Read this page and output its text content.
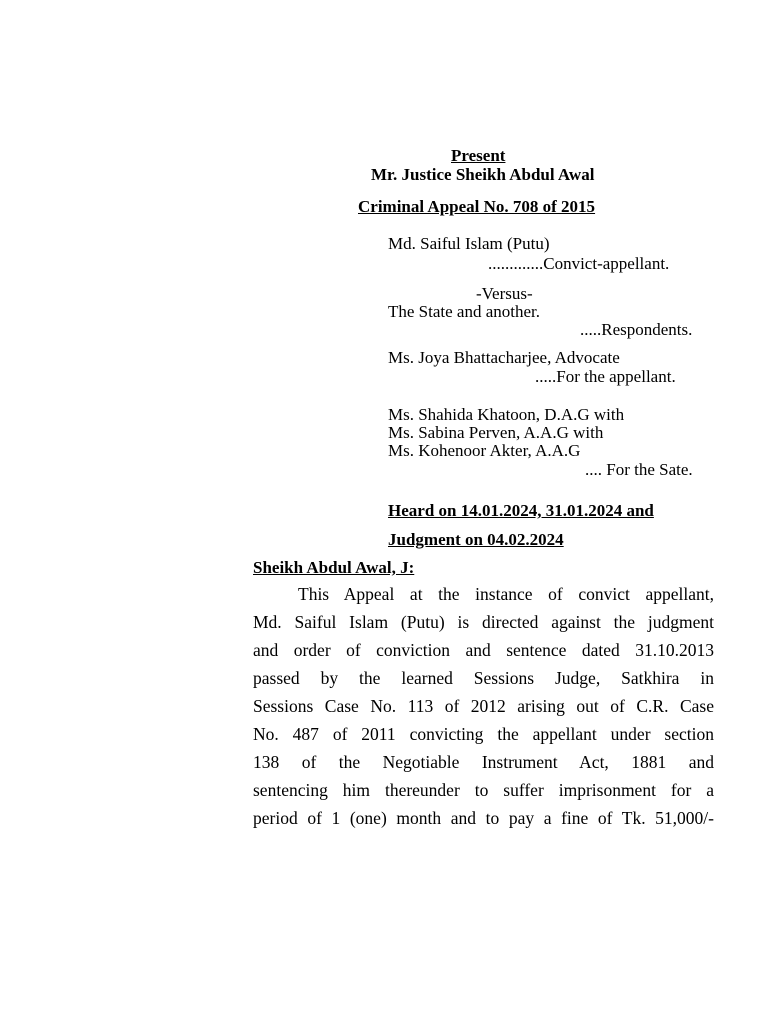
Present
Mr. Justice Sheikh Abdul Awal
Criminal Appeal No. 708 of 2015
Md. Saiful Islam (Putu)
.............Convict-appellant.
-Versus-
The State and another.
.....Respondents.
Ms. Joya Bhattacharjee, Advocate
.....For the appellant.
Ms. Shahida Khatoon, D.A.G with
Ms. Sabina Perven, A.A.G with
Ms. Kohenoor Akter, A.A.G
.... For the Sate.
Heard on 14.01.2024, 31.01.2024 and
Judgment on 04.02.2024
Sheikh Abdul Awal, J:
This Appeal at the instance of convict appellant,
Md. Saiful Islam (Putu) is directed against the judgment
and order of conviction and sentence dated 31.10.2013
passed by the learned Sessions Judge, Satkhira in
Sessions Case No. 113 of 2012 arising out of C.R. Case
No. 487 of 2011 convicting the appellant under section
138 of the Negotiable Instrument Act, 1881 and
sentencing him thereunder to suffer imprisonment for a
period of 1 (one) month and to pay a fine of Tk. 51,000/-
